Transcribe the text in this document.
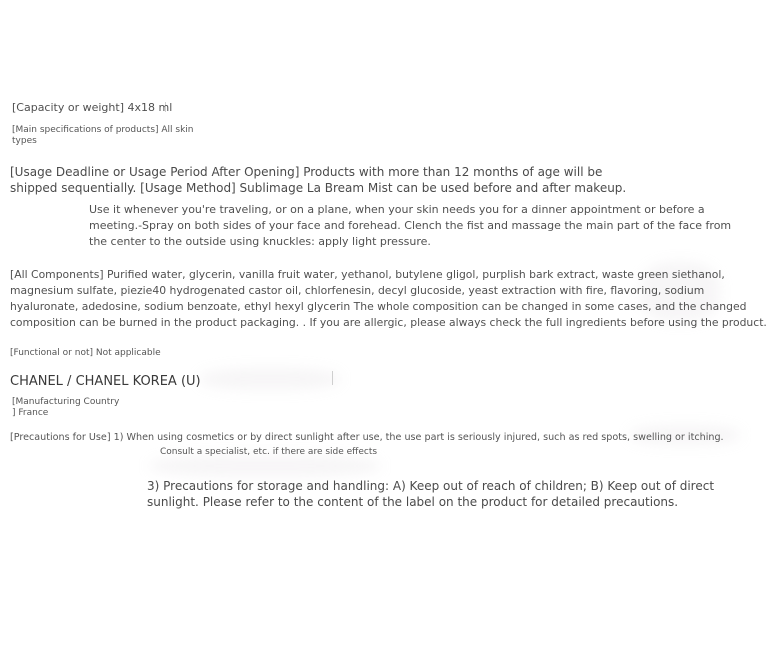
[Capacity or weight] 4x18 ml

[Main specifications of products] All skin
types
[Usage Deadline or Usage Period After Opening] Products with more than 12 months of age will be
shipped sequentially. [Usage Method] Sublimage La Bream Mist can be used before and after makeup.
Use it whenever you're traveling, or on a plane, when your skin needs you for a dinner appointment or before a
meeting.-Spray on both sides of your face and forehead. Clench the fist and massage the main part of the face from
the center to the outside using knuckles: apply light pressure.
[All Components] Purified water, glycerin, vanilla fruit water, yethanol, butylene gligol, purplish bark extract, waste green siethanol,
magnesium sulfate, piezie40 hydrogenated castor oil, chlorfenesin, decyl glucoside, yeast extraction with fire, flavoring, sodium
hyaluronate, adedosine, sodium benzoate, ethyl hexyl glycerin The whole composition can be changed in some cases, and the changed
composition can be burned in the product packaging. . If you are allergic, please always check the full ingredients before using the product.

[Functional or not] Not applicable

CHANEL / CHANEL KOREA (U)

[Manufacturing Country
] France

[Precautions for Use] 1) When using cosmetics or by direct sunlight after use, the use part is seriously injured, such as red spots, swelling or itching.

Consult a specialist, etc. if there are side effects

3) Precautions for storage and handling: A) Keep out of reach of children; B) Keep out of direct
sunlight. Please refer to the content of the label on the product for detailed precautions.
